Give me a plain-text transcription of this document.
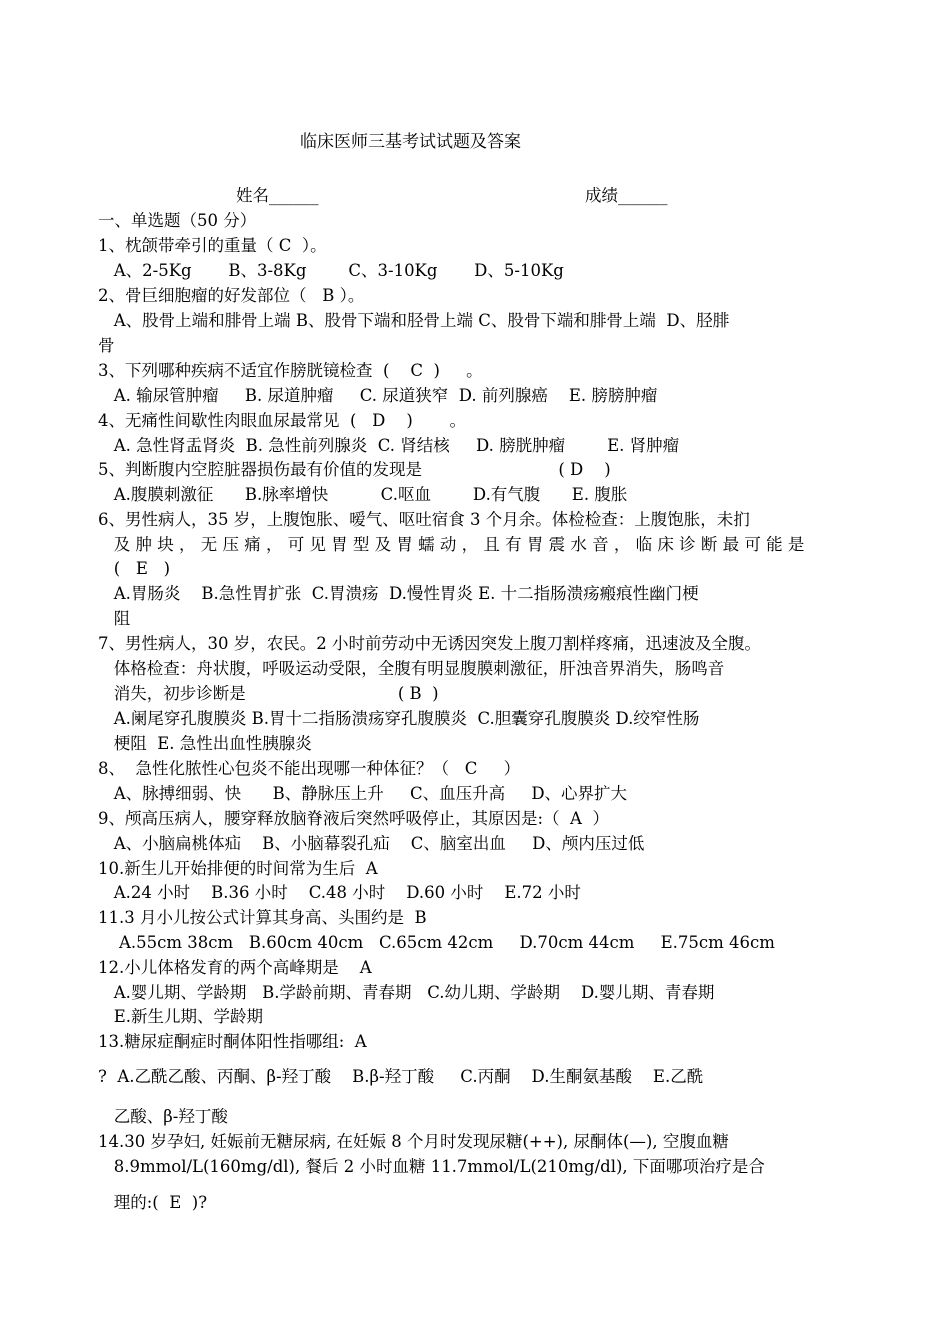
临床医师三基考试试题及答案
姓名______	成绩______
一、单选题（50 分）
1、枕颌带牵引的重量（ C  ）。
A、2-5Kg       B、3-8Kg        C、3-10Kg       D、5-10Kg
2、骨巨细胞瘤的好发部位（   B ）。
A、股骨上端和腓骨上端 B、股骨下端和胫骨上端 C、股骨下端和腓骨上端  D、胫腓
骨
3、下列哪种疾病不适宜作膀胱镜检查  (    C  )     。
A. 输尿管肿瘤     B. 尿道肿瘤     C. 尿道狭窄  D. 前列腺癌    E. 膀膀肿瘤
4、无痛性间歇性肉眼血尿最常见  (   D    )       。
A. 急性肾盂肾炎  B. 急性前列腺炎  C. 肾结核     D. 膀胱肿瘤        E. 肾肿瘤
5、判断腹内空腔脏器损伤最有价值的发现是                          ( D    )
A.腹膜刺激征      B.脉率增快          C.呕血        D.有气腹      E. 腹胀
6、男性病人，35 岁，上腹饱胀、嗳气、呕吐宿食 3 个月余。体检检查：上腹饱胀，未扪
及 肿 块 ， 无 压 痛 ， 可 见 胃 型 及 胃 蠕 动 ， 且 有 胃 震 水 音 ， 临 床 诊 断 最 可 能 是
(   E   )
A.胃肠炎    B.急性胃扩张  C.胃溃疡  D.慢性胃炎 E. 十二指肠溃疡瘢痕性幽门梗
阻
7、男性病人，30 岁，农民。2 小时前劳动中无诱因突发上腹刀割样疼痛，迅速波及全腹。
体格检查：舟状腹，呼吸运动受限，全腹有明显腹膜刺激征，肝浊音界消失，肠鸣音
消失，初步诊断是                             ( B  )
A.阑尾穿孔腹膜炎 B.胃十二指肠溃疡穿孔腹膜炎  C.胆囊穿孔腹膜炎 D.绞窄性肠
梗阻  E. 急性出血性胰腺炎
8、  急性化脓性心包炎不能出现哪一种体征？（   C     ）
A、脉搏细弱、快      B、静脉压上升     C、血压升高     D、心界扩大
9、颅高压病人，腰穿释放脑脊液后突然呼吸停止，其原因是:（  A  ）
A、小脑扁桃体疝    B、小脑幕裂孔疝    C、脑室出血     D、颅内压过低
10.新生儿开始排便的时间常为生后  A
A.24 小时    B.36 小时    C.48 小时    D.60 小时    E.72 小时
11.3 月小儿按公式计算其身高、头围约是  B
A.55cm 38cm   B.60cm 40cm   C.65cm 42cm     D.70cm 44cm     E.75cm 46cm
12.小儿体格发育的两个高峰期是    A
A.婴儿期、学龄期   B.学龄前期、青春期   C.幼儿期、学龄期    D.婴儿期、青春期
E.新生儿期、学龄期
13.糖尿症酮症时酮体阳性指哪组:  A
?  A.乙酰乙酸、丙酮、β-羟丁酸    B.β-羟丁酸     C.丙酮    D.生酮氨基酸    E.乙酰
乙酸、β-羟丁酸
14.30 岁孕妇, 妊娠前无糖尿病, 在妊娠 8 个月时发现尿糖(++), 尿酮体(—), 空腹血糖
8.9mmol/L(160mg/dl), 餐后 2 小时血糖 11.7mmol/L(210mg/dl), 下面哪项治疗是合
理的:(  E  )?
